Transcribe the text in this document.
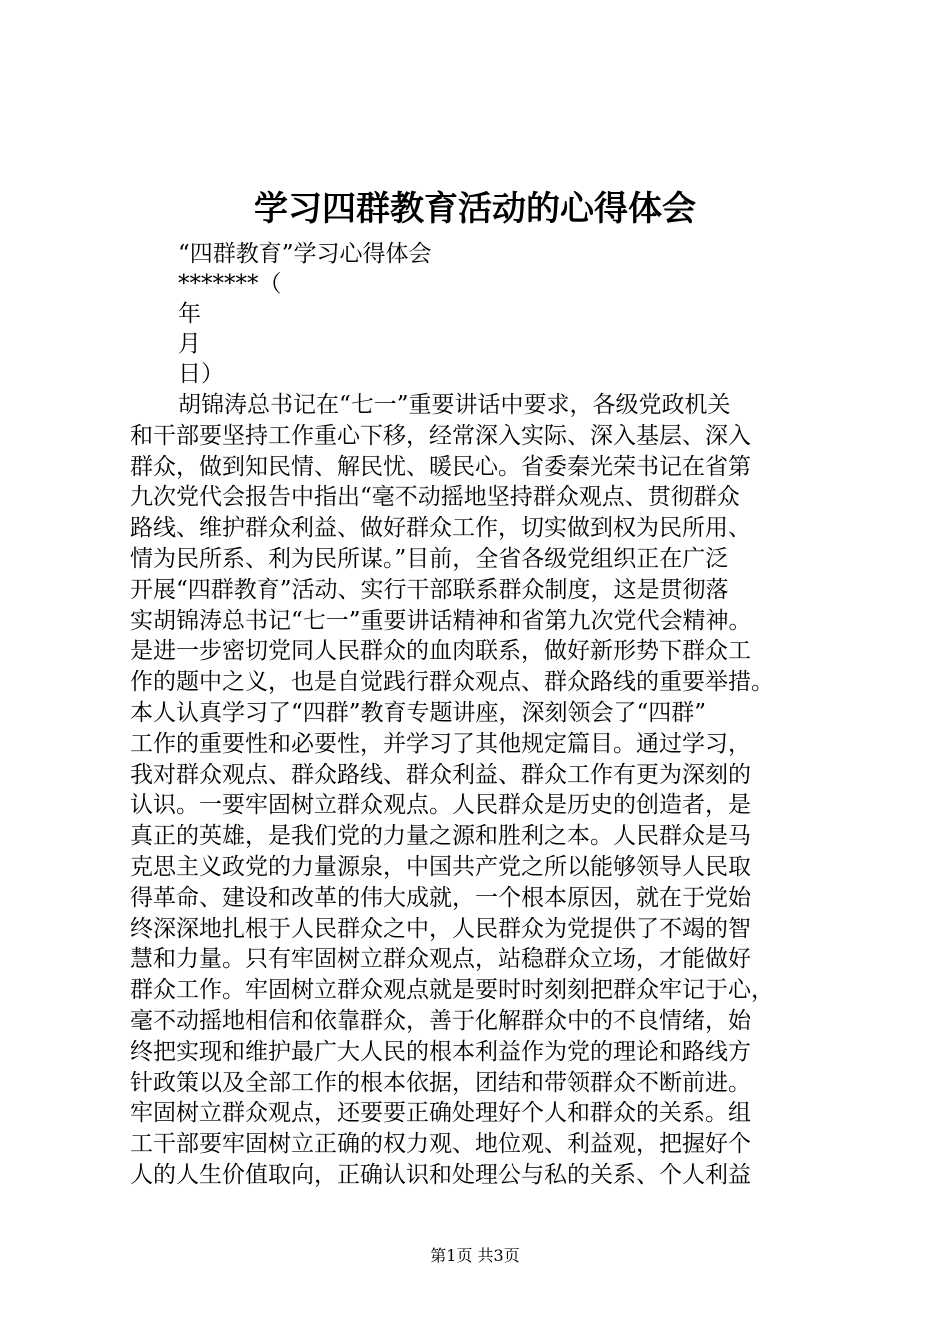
学习四群教育活动的心得体会
“四群教育”学习心得体会
*******（
年
月
日）
胡锦涛总书记在“七一”重要讲话中要求，各级党政机关
和干部要坚持工作重心下移，经常深入实际、深入基层、深入
群众，做到知民情、解民忧、暖民心。省委秦光荣书记在省第
九次党代会报告中指出“毫不动摇地坚持群众观点、贯彻群众
路线、维护群众利益、做好群众工作，切实做到权为民所用、
情为民所系、利为民所谋。”目前，全省各级党组织正在广泛
开展“四群教育”活动、实行干部联系群众制度，这是贯彻落
实胡锦涛总书记“七一”重要讲话精神和省第九次党代会精神。
是进一步密切党同人民群众的血肉联系，做好新形势下群众工
作的题中之义，也是自觉践行群众观点、群众路线的重要举措。
本人认真学习了“四群”教育专题讲座，深刻领会了“四群”
工作的重要性和必要性，并学习了其他规定篇目。通过学习，
我对群众观点、群众路线、群众利益、群众工作有更为深刻的
认识。一要牢固树立群众观点。人民群众是历史的创造者，是
真正的英雄，是我们党的力量之源和胜利之本。人民群众是马
克思主义政党的力量源泉，中国共产党之所以能够领导人民取
得革命、建设和改革的伟大成就，一个根本原因，就在于党始
终深深地扎根于人民群众之中，人民群众为党提供了不竭的智
慧和力量。只有牢固树立群众观点，站稳群众立场，才能做好
群众工作。牢固树立群众观点就是要时时刻刻把群众牢记于心，
毫不动摇地相信和依靠群众，善于化解群众中的不良情绪，始
终把实现和维护最广大人民的根本利益作为党的理论和路线方
针政策以及全部工作的根本依据，团结和带领群众不断前进。
牢固树立群众观点，还要要正确处理好个人和群众的关系。组
工干部要牢固树立正确的权力观、地位观、利益观，把握好个
人的人生价值取向，正确认识和处理公与私的关系、个人利益
第1页 共3页
